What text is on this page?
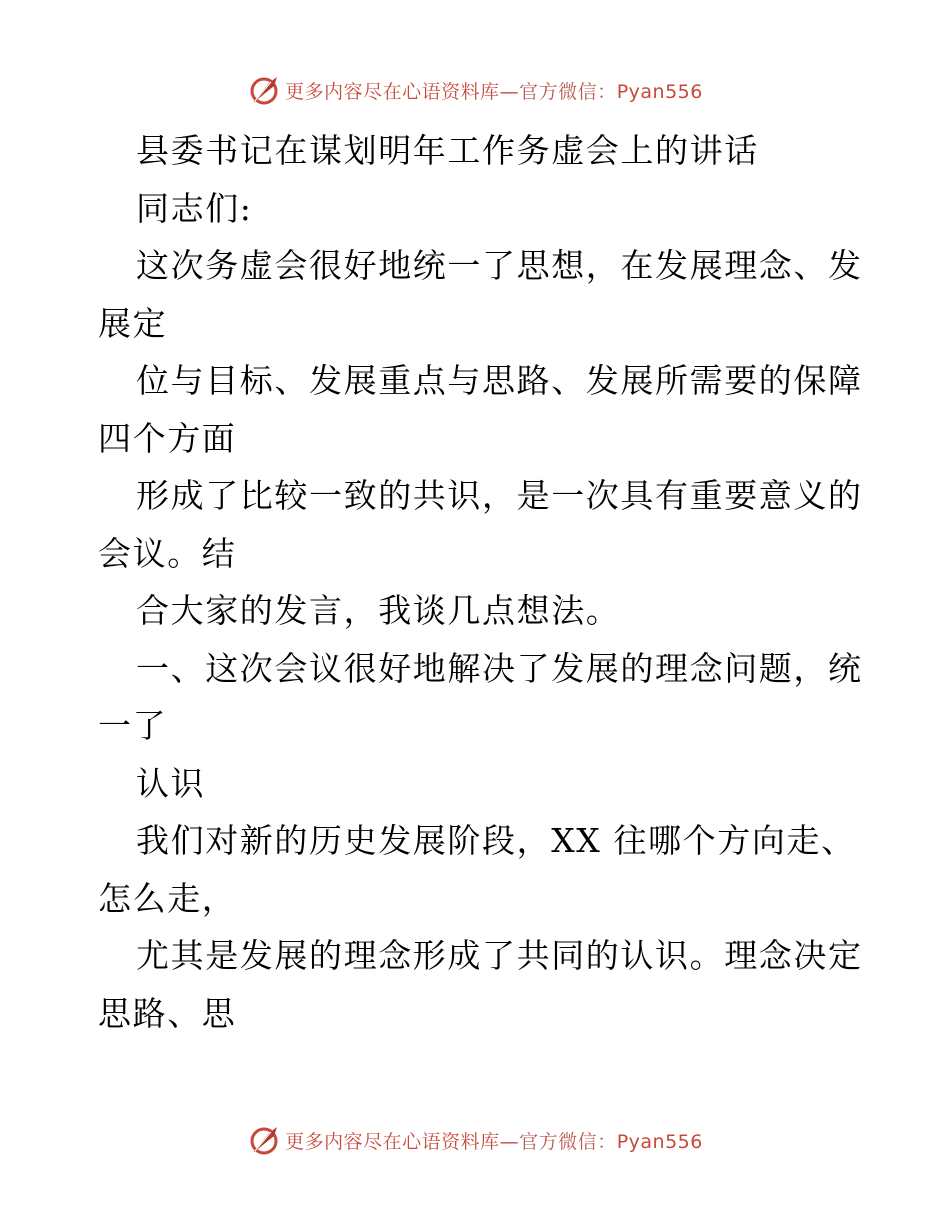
更多内容尽在心语资料库—官方微信：Pyan556
县委书记在谋划明年工作务虚会上的讲话
同志们:
这次务虚会很好地统一了思想，在发展理念、发
展定
位与目标、发展重点与思路、发展所需要的保障
四个方面
形成了比较一致的共识，是一次具有重要意义的
会议。结
合大家的发言，我谈几点想法。
一、这次会议很好地解决了发展的理念问题，统
一了
认识
我们对新的历史发展阶段，XX 往哪个方向走、
怎么走，
尤其是发展的理念形成了共同的认识。理念决定
思路、思
更多内容尽在心语资料库—官方微信：Pyan556
